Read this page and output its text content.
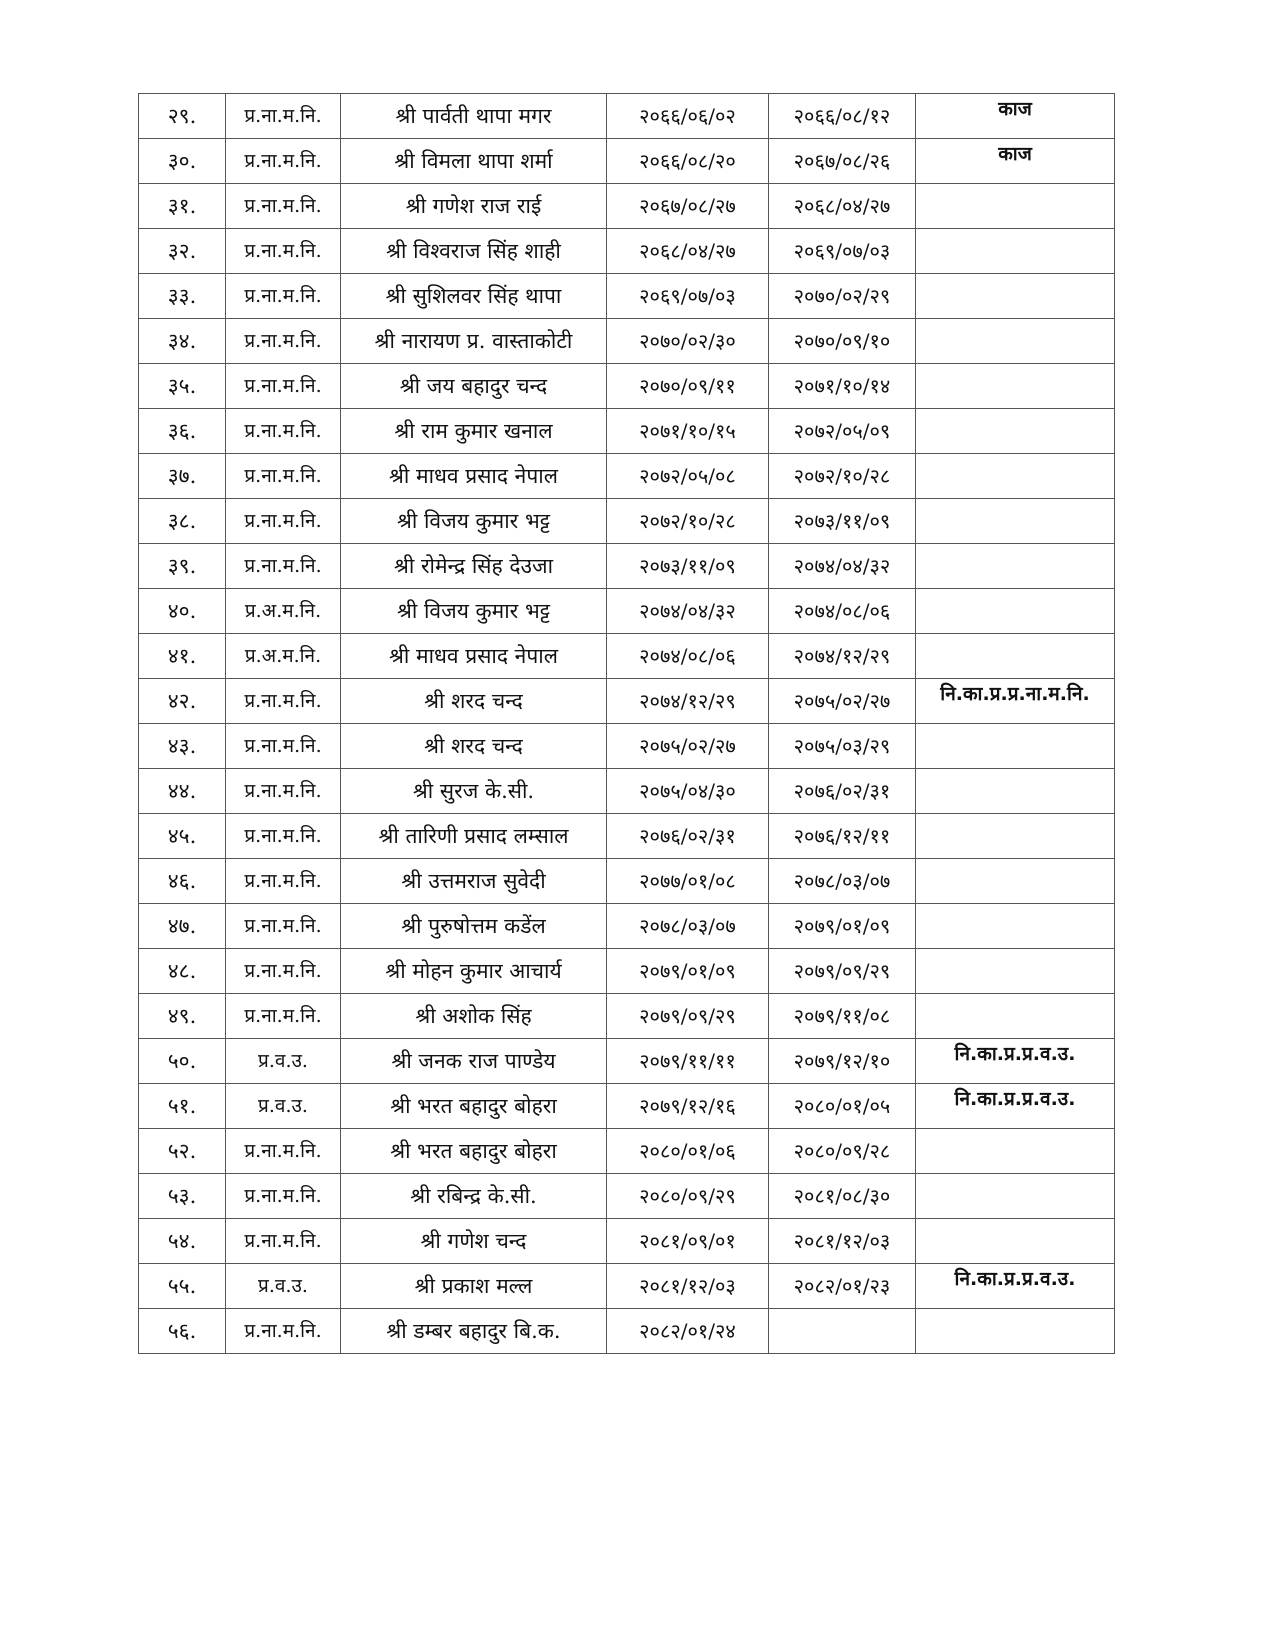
२९.	प्र.ना.म.नि.	श्री पार्वती थापा मगर	२०६६/०६/०२	२०६६/०८/१२	काज
३०.	प्र.ना.म.नि.	श्री विमला थापा शर्मा	२०६६/०८/२०	२०६७/०८/२६	काज
३१.	प्र.ना.म.नि.	श्री गणेश राज राई	२०६७/०८/२७	२०६८/०४/२७	
३२.	प्र.ना.म.नि.	श्री विश्वराज सिंह शाही	२०६८/०४/२७	२०६९/०७/०३	
३३.	प्र.ना.म.नि.	श्री सुशिलवर सिंह थापा	२०६९/०७/०३	२०७०/०२/२९	
३४.	प्र.ना.म.नि.	श्री नारायण प्र. वास्ताकोटी	२०७०/०२/३०	२०७०/०९/१०	
३५.	प्र.ना.म.नि.	श्री जय बहादुर चन्द	२०७०/०९/११	२०७१/१०/१४	
३६.	प्र.ना.म.नि.	श्री राम कुमार खनाल	२०७१/१०/१५	२०७२/०५/०९	
३७.	प्र.ना.म.नि.	श्री माधव प्रसाद नेपाल	२०७२/०५/०८	२०७२/१०/२८	
३८.	प्र.ना.म.नि.	श्री विजय कुमार भट्ट	२०७२/१०/२८	२०७३/११/०९	
३९.	प्र.ना.म.नि.	श्री रोमेन्द्र सिंह देउजा	२०७३/११/०९	२०७४/०४/३२	
४०.	प्र.अ.म.नि.	श्री विजय कुमार भट्ट	२०७४/०४/३२	२०७४/०८/०६	
४१.	प्र.अ.म.नि.	श्री माधव प्रसाद नेपाल	२०७४/०८/०६	२०७४/१२/२९	
४२.	प्र.ना.म.नि.	श्री शरद चन्द	२०७४/१२/२९	२०७५/०२/२७	नि.का.प्र.प्र.ना.म.नि.
४३.	प्र.ना.म.नि.	श्री शरद चन्द	२०७५/०२/२७	२०७५/०३/२९	
४४.	प्र.ना.म.नि.	श्री सुरज के.सी.	२०७५/०४/३०	२०७६/०२/३१	
४५.	प्र.ना.म.नि.	श्री तारिणी प्रसाद लम्साल	२०७६/०२/३१	२०७६/१२/११	
४६.	प्र.ना.म.नि.	श्री उत्तमराज सुवेदी	२०७७/०१/०८	२०७८/०३/०७	
४७.	प्र.ना.म.नि.	श्री पुरुषोत्तम कडेंल	२०७८/०३/०७	२०७९/०१/०९	
४८.	प्र.ना.म.नि.	श्री मोहन कुमार आचार्य	२०७९/०१/०९	२०७९/०९/२९	
४९.	प्र.ना.म.नि.	श्री अशोक सिंह	२०७९/०९/२९	२०७९/११/०८	
५०.	प्र.व.उ.	श्री जनक राज पाण्डेय	२०७९/११/११	२०७९/१२/१०	नि.का.प्र.प्र.व.उ.
५१.	प्र.व.उ.	श्री भरत बहादुर बोहरा	२०७९/१२/१६	२०८०/०१/०५	नि.का.प्र.प्र.व.उ.
५२.	प्र.ना.म.नि.	श्री भरत बहादुर बोहरा	२०८०/०१/०६	२०८०/०९/२८	
५३.	प्र.ना.म.नि.	श्री रबिन्द्र के.सी.	२०८०/०९/२९	२०८१/०८/३०	
५४.	प्र.ना.म.नि.	श्री गणेश चन्द	२०८१/०९/०१	२०८१/१२/०३	
५५.	प्र.व.उ.	श्री प्रकाश मल्ल	२०८१/१२/०३	२०८२/०१/२३	नि.का.प्र.प्र.व.उ.
५६.	प्र.ना.म.नि.	श्री डम्बर बहादुर बि.क.	२०८२/०१/२४		
